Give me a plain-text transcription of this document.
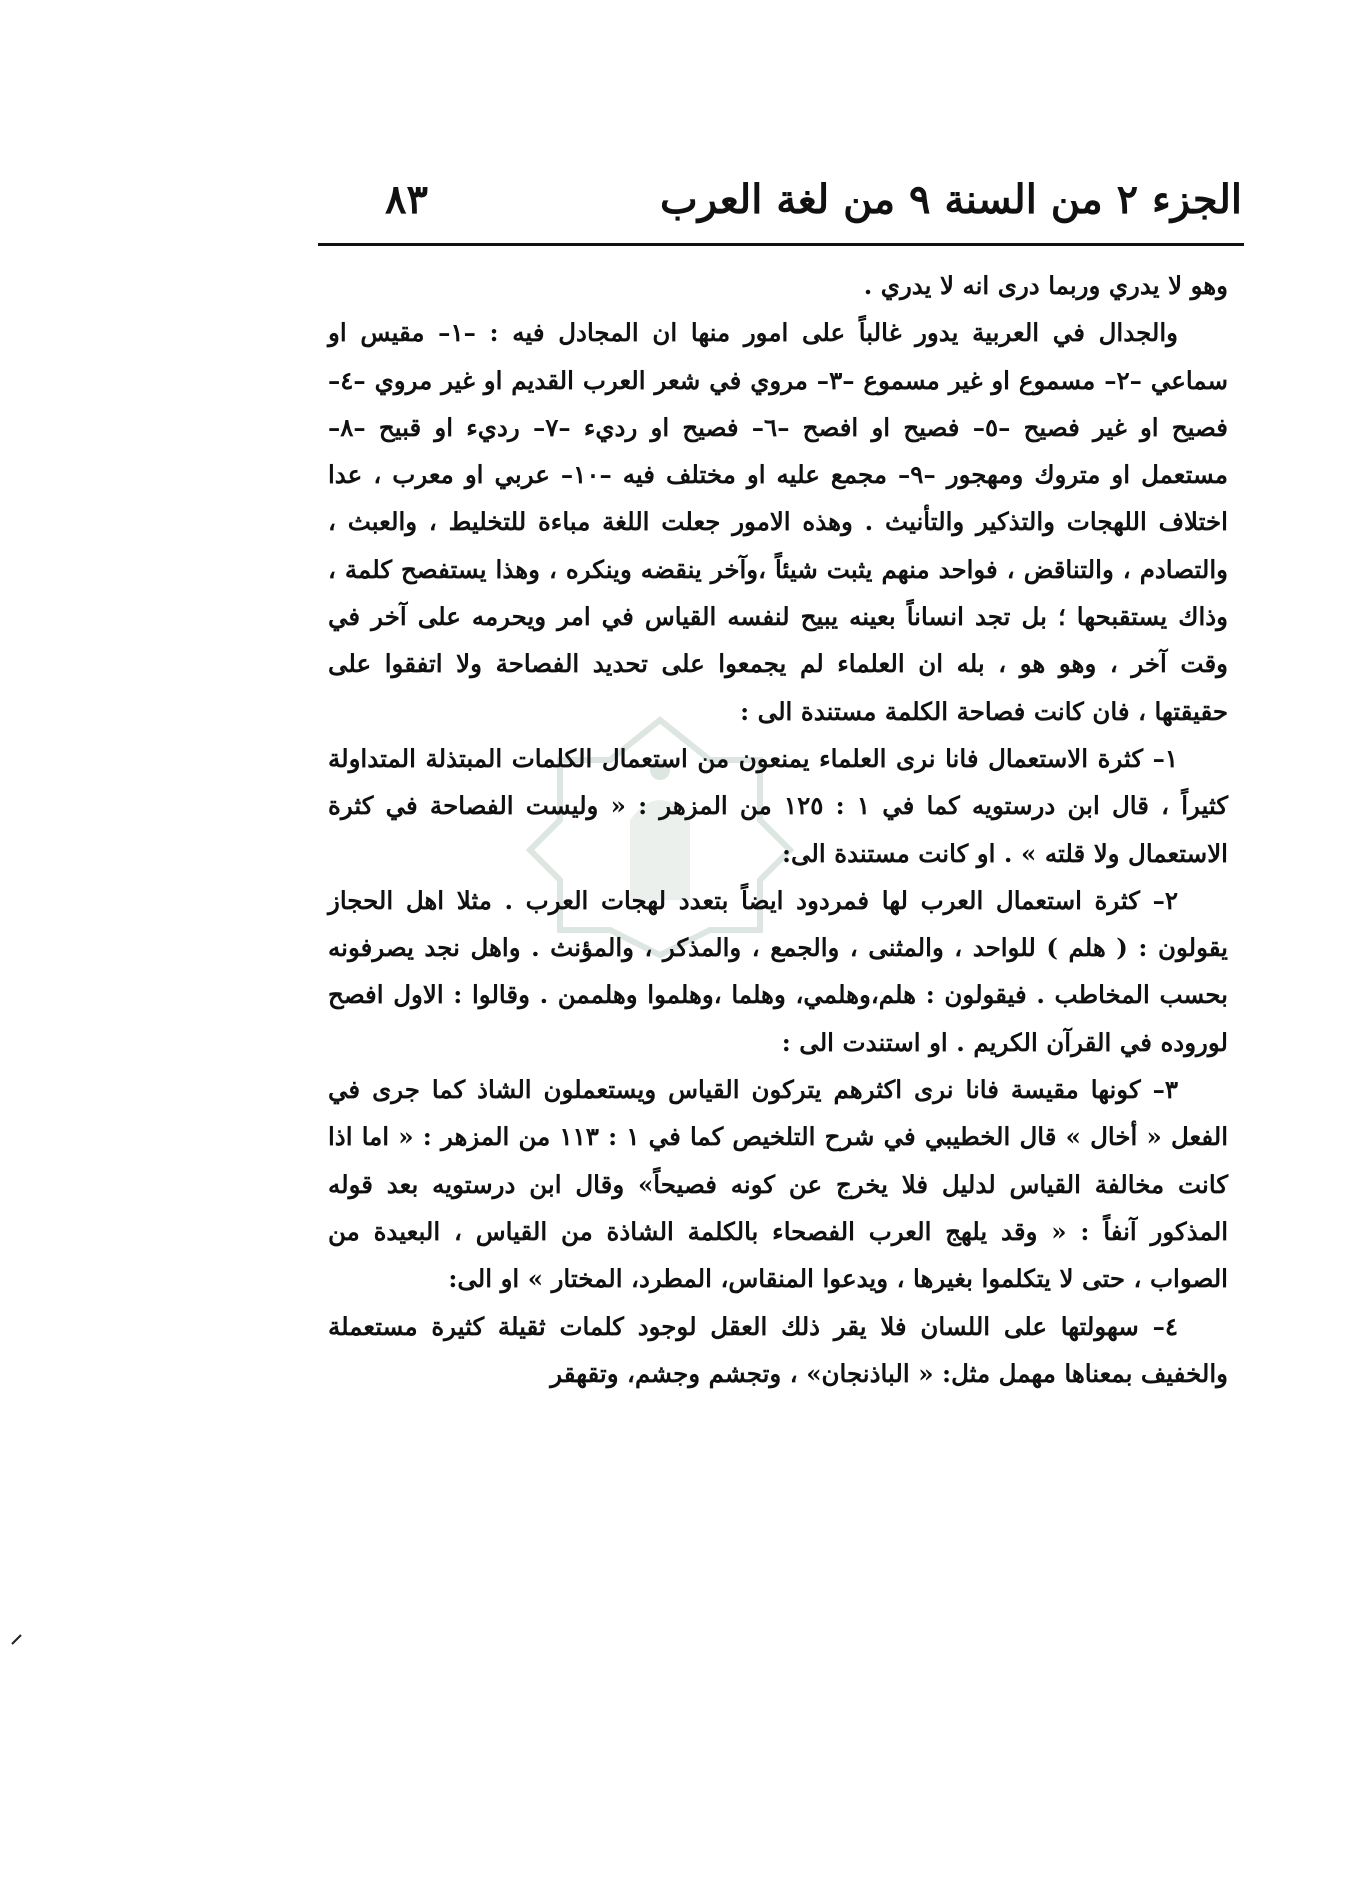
الجزء ٢ من السنة ٩ من لغة العرب
٨٣

وهو لا يدري وربما درى انه لا يدري .

والجدال في العربية يدور غالباً على امور منها ان المجادل فيه : –١– مقيس او سماعي –٢– مسموع او غير مسموع –٣– مروي في شعر العرب القديم او غير مروي –٤– فصيح او غير فصيح –٥– فصيح او افصح –٦– فصيح او رديء –٧– رديء او قبيح –٨– مستعمل او متروك ومهجور –٩– مجمع عليه او مختلف فيه –١٠– عربي او معرب ، عدا اختلاف اللهجات والتذكير والتأنيث . وهذه الامور جعلت اللغة مباءة للتخليط ، والعبث ، والتصادم ، والتناقض ، فواحد منهم يثبت شيئاً ،وآخر ينقضه وينكره ، وهذا يستفصح كلمة ، وذاك يستقبحها ؛ بل تجد انساناً بعينه يبيح لنفسه القياس في امر ويحرمه على آخر في وقت آخر ، وهو هو ، بله ان العلماء لم يجمعوا على تحديد الفصاحة ولا اتفقوا على حقيقتها ، فان كانت فصاحة الكلمة مستندة الى :

١– كثرة الاستعمال فانا نرى العلماء يمنعون من استعمال الكلمات المبتذلة المتداولة كثيراً ، قال ابن درستويه كما في ١ : ١٢٥ من المزهر : « وليست الفصاحة في كثرة الاستعمال ولا قلته » . او كانت مستندة الى:

٢– كثرة استعمال العرب لها فمردود ايضاً بتعدد لهجات العرب . مثلا اهل الحجاز يقولون : ( هلم ) للواحد ، والمثنى ، والجمع ، والمذكر ، والمؤنث . واهل نجد يصرفونه بحسب المخاطب . فيقولون : هلم،وهلمي، وهلما ،وهلموا وهلممن . وقالوا : الاول افصح لوروده في القرآن الكريم . او استندت الى :

٣– كونها مقيسة فانا نرى اكثرهم يتركون القياس ويستعملون الشاذ كما جرى في الفعل « أخال » قال الخطيبي في شرح التلخيص كما في ١ : ١١٣ من المزهر : « اما اذا كانت مخالفة القياس لدليل فلا يخرج عن كونه فصيحاً» وقال ابن درستويه بعد قوله المذكور آنفاً : « وقد يلهج العرب الفصحاء بالكلمة الشاذة من القياس ، البعيدة من الصواب ، حتى لا يتكلموا بغيرها ، ويدعوا المنقاس، المطرد، المختار » او الى:

٤– سهولتها على اللسان فلا يقر ذلك العقل لوجود كلمات ثقيلة كثيرة مستعملة والخفيف بمعناها مهمل مثل: « الباذنجان» ، وتجشم وجشم، وتقهقر
